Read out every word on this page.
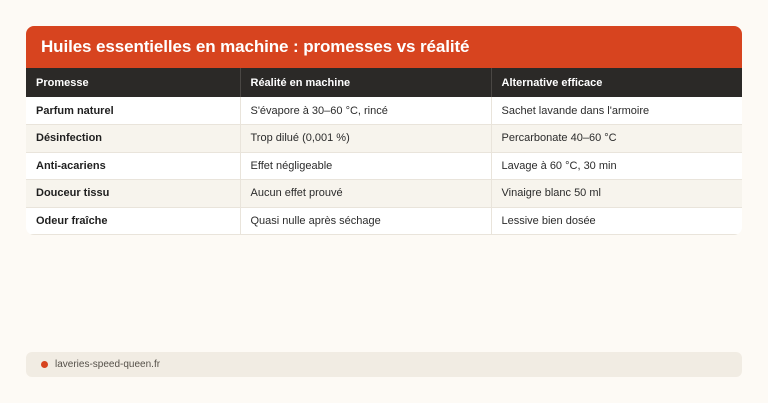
Huiles essentielles en machine : promesses vs réalité
Promesse	Réalité en machine	Alternative efficace
Parfum naturel	S'évapore à 30–60 °C, rincé	Sachet lavande dans l'armoire
Désinfection	Trop dilué (0,001 %)	Percarbonate 40–60 °C
Anti-acariens	Effet négligeable	Lavage à 60 °C, 30 min
Douceur tissu	Aucun effet prouvé	Vinaigre blanc 50 ml
Odeur fraîche	Quasi nulle après séchage	Lessive bien dosée
laveries-speed-queen.fr
